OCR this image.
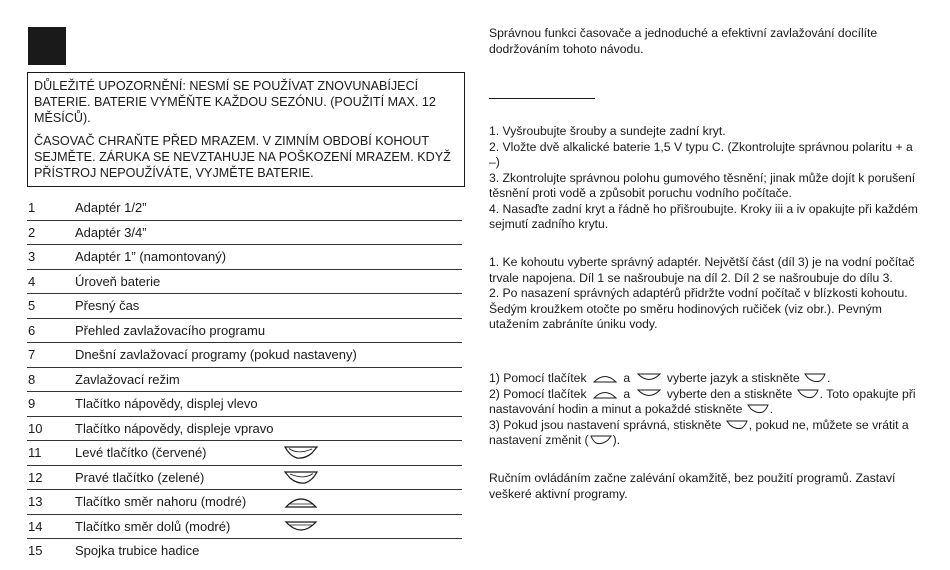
DŮLEŽITÉ UPOZORNĚNÍ: NESMÍ SE POUŽÍVAT ZNOVUNABÍJECÍ BATERIE. BATERIE VYMĚŇTE KAŽDOU SEZÓNU. (POUŽITÍ MAX. 12 MĚSÍCŮ).

ČASOVAČ CHRAŇTE PŘED MRAZEM. V ZIMNÍM OBDOBÍ KOHOUT SEJMĚTE. ZÁRUKA SE NEVZTAHUJE NA POŠKOZENÍ MRAZEM. KDYŽ PŘÍSTROJ NEPOUŽÍVÁTE, VYJMĚTE BATERIE.

1	Adaptér 1/2”
2	Adaptér 3/4”
3	Adaptér 1” (namontovaný)
4	Úroveň baterie
5	Přesný čas
6	Přehled zavlažovacího programu
7	Dnešní zavlažovací programy (pokud nastaveny)
8	Zavlažovací režim
9	Tlačítko nápovědy, displej vlevo
10	Tlačítko nápovědy, displeje vpravo
11	Levé tlačítko (červené)
12	Pravé tlačítko (zelené)
13	Tlačítko směr nahoru (modré)
14	Tlačítko směr dolů (modré)
15	Spojka trubice hadice

Správnou funkci časovače a jednoduché a efektivní zavlažování docílíte dodržováním tohoto návodu.

1. Vyšroubujte šrouby a sundejte zadní kryt.

2. Vložte dvě alkalické baterie 1,5 V typu C. (Zkontrolujte správnou polaritu + a –)

3. Zkontrolujte správnou polohu gumového těsnění; jinak může dojít k porušení těsnění proti vodě a způsobit poruchu vodního počítače.

4. Nasaďte zadní kryt a řádně ho přišroubujte. Kroky iii a iv opakujte při každém sejmutí zadního krytu.

1. Ke kohoutu vyberte správný adaptér. Největší část (díl 3) je na vodní počítač trvale napojena. Díl 1 se našroubuje na díl 2. Díl 2 se našroubuje do dílu 3.

2. Po nasazení správných adaptérů přidržte vodní počítač v blízkosti kohoutu. Šedým kroužkem otočte po směru hodinových ručiček (viz obr.). Pevným utažením zabráníte úniku vody.

1) Pomocí tlačítek	a	vyberte jazyk a stiskněte .

2) Pomocí tlačítek	a	vyberte den a stiskněte . Toto opakujte při nastavování hodin a minut a pokaždé stiskněte .

3) Pokud jsou nastavení správná, stiskněte , pokud ne, můžete se vrátit a nastavení změnit ( ).

Ručním ovládáním začne zalévání okamžitě, bez použití programů. Zastaví veškeré aktivní programy.
